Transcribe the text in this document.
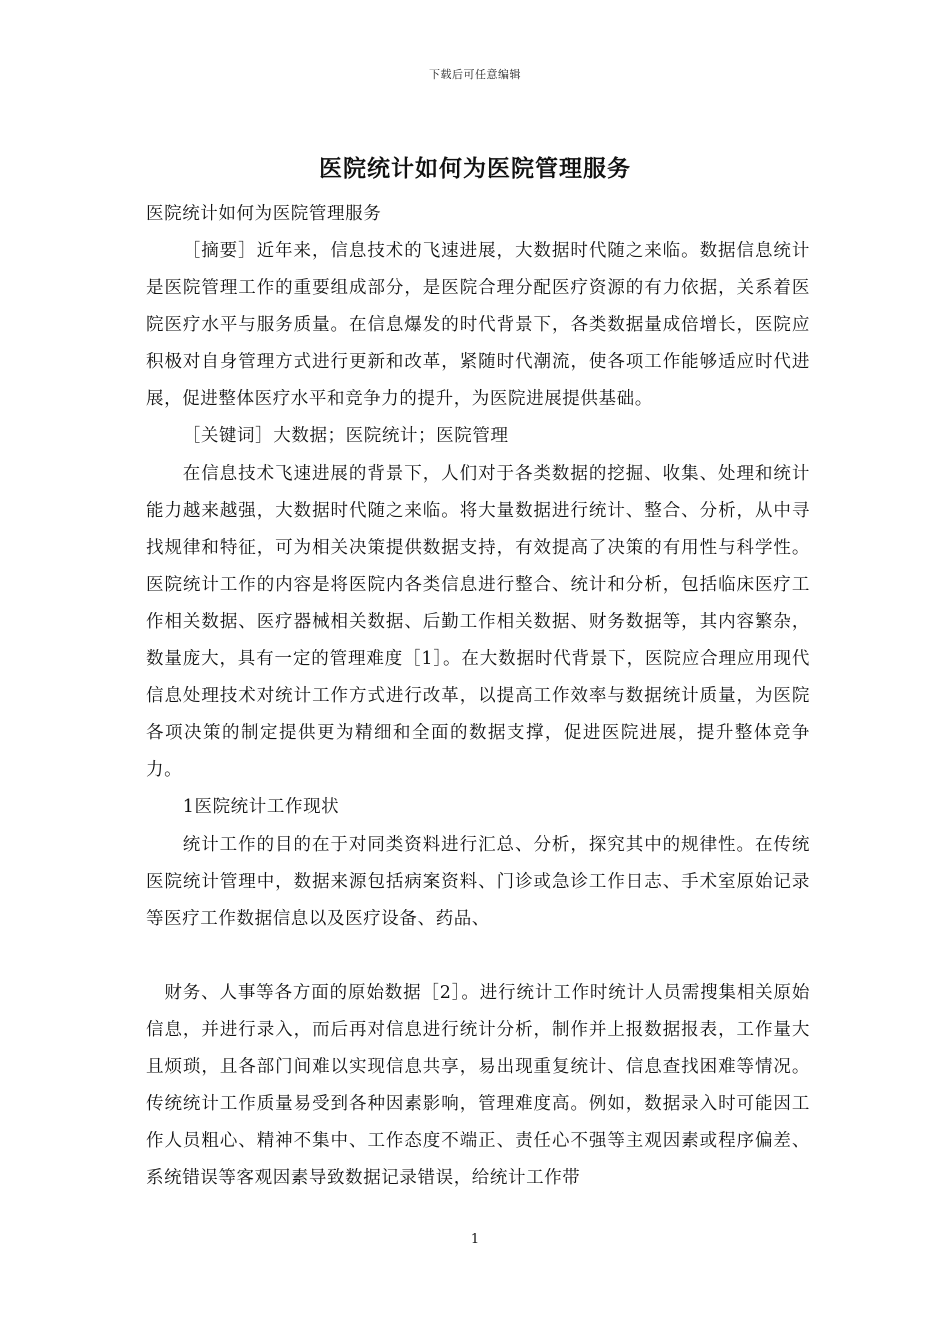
下载后可任意编辑
医院统计如何为医院管理服务

医院统计如何为医院管理服务

［摘要］近年来，信息技术的飞速进展，大数据时代随之来临。数据信息统计是医院管理工作的重要组成部分，是医院合理分配医疗资源的有力依据，关系着医院医疗水平与服务质量。在信息爆发的时代背景下，各类数据量成倍增长，医院应积极对自身管理方式进行更新和改革，紧随时代潮流，使各项工作能够适应时代进展，促进整体医疗水平和竞争力的提升，为医院进展提供基础。

［关键词］大数据；医院统计；医院管理

在信息技术飞速进展的背景下，人们对于各类数据的挖掘、收集、处理和统计能力越来越强，大数据时代随之来临。将大量数据进行统计、整合、分析，从中寻找规律和特征，可为相关决策提供数据支持，有效提高了决策的有用性与科学性。医院统计工作的内容是将医院内各类信息进行整合、统计和分析，包括临床医疗工作相关数据、医疗器械相关数据、后勤工作相关数据、财务数据等，其内容繁杂，数量庞大，具有一定的管理难度［1］。在大数据时代背景下，医院应合理应用现代信息处理技术对统计工作方式进行改革，以提高工作效率与数据统计质量，为医院各项决策的制定提供更为精细和全面的数据支撑，促进医院进展，提升整体竞争力。

1医院统计工作现状

统计工作的目的在于对同类资料进行汇总、分析，探究其中的规律性。在传统医院统计管理中，数据来源包括病案资料、门诊或急诊工作日志、手术室原始记录等医疗工作数据信息以及医疗设备、药品、

财务、人事等各方面的原始数据［2］。进行统计工作时统计人员需搜集相关原始信息，并进行录入，而后再对信息进行统计分析，制作并上报数据报表，工作量大且烦琐，且各部门间难以实现信息共享，易出现重复统计、信息查找困难等情况。传统统计工作质量易受到各种因素影响，管理难度高。例如，数据录入时可能因工作人员粗心、精神不集中、工作态度不端正、责任心不强等主观因素或程序偏差、系统错误等客观因素导致数据记录错误，给统计工作带

1
